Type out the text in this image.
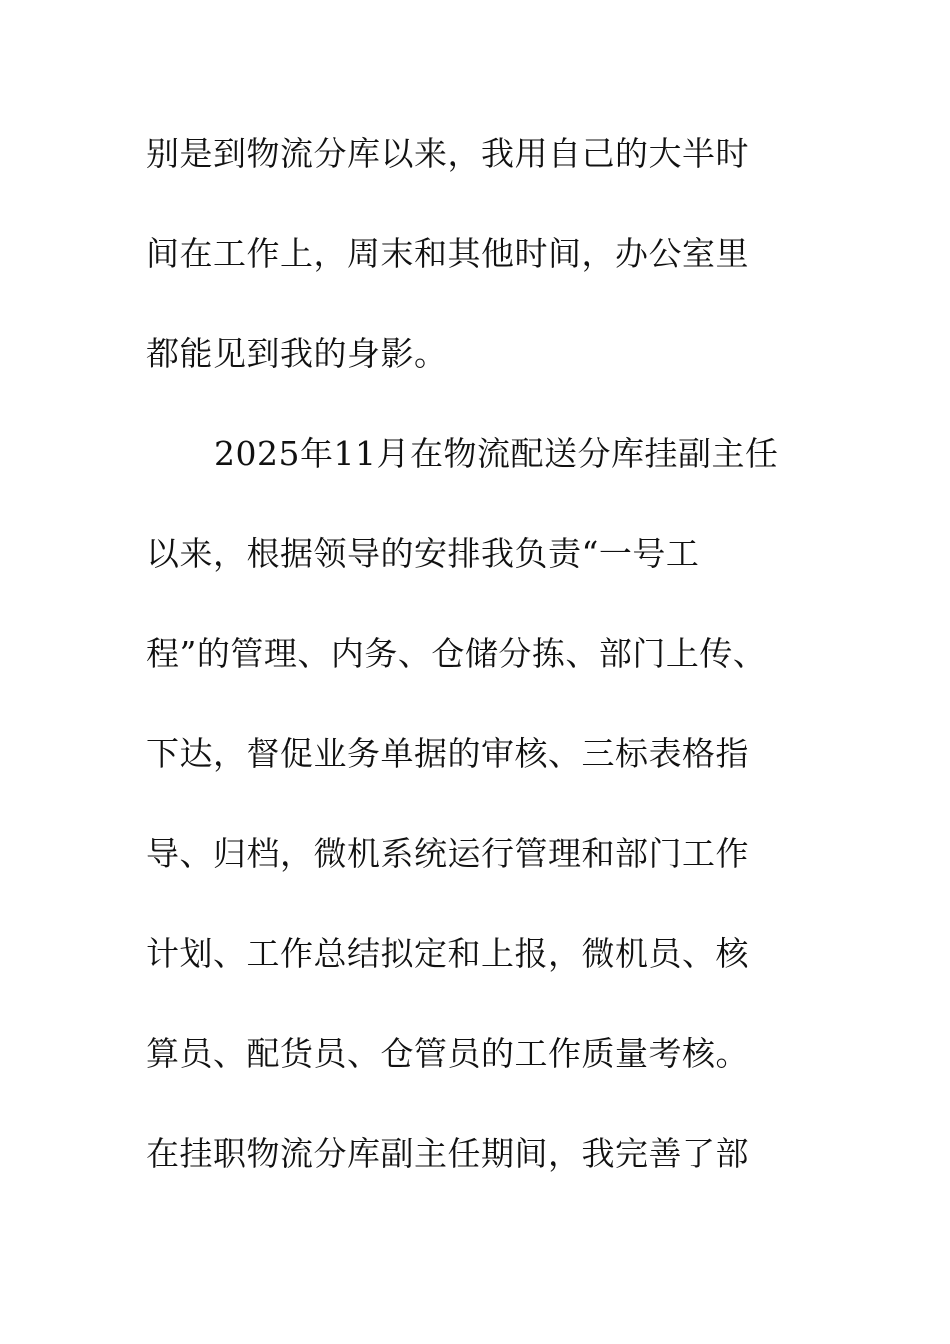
别是到物流分库以来，我用自己的大半时
间在工作上，周末和其他时间，办公室里
都能见到我的身影。
2025年11月在物流配送分库挂副主任
以来，根据领导的安排我负责“一号工
程”的管理、内务、仓储分拣、部门上传、
下达，督促业务单据的审核、三标表格指
导、归档，微机系统运行管理和部门工作
计划、工作总结拟定和上报，微机员、核
算员、配货员、仓管员的工作质量考核。
在挂职物流分库副主任期间，我完善了部
